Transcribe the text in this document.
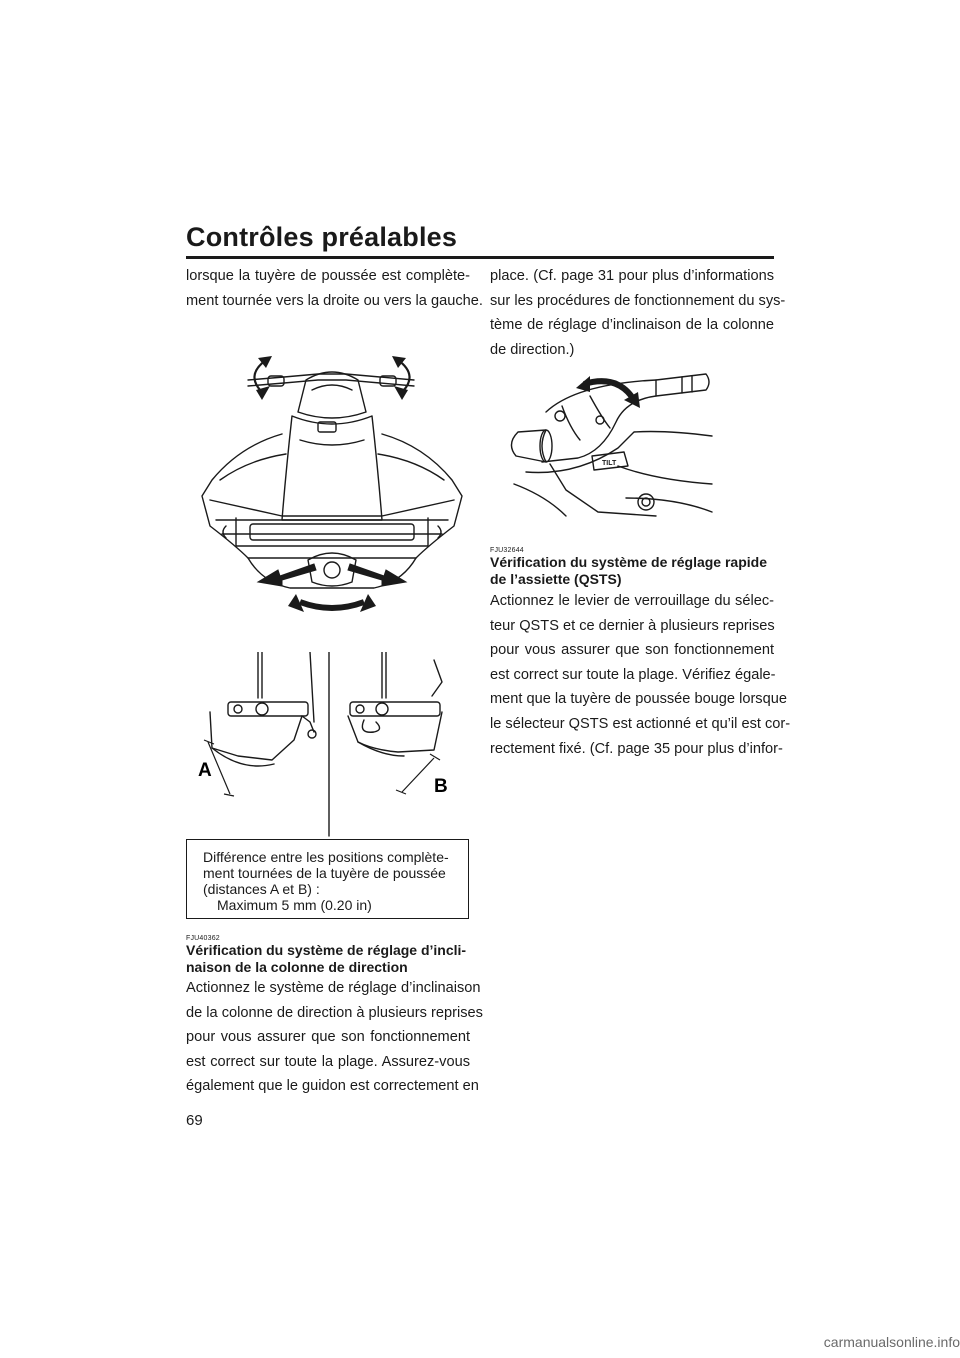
Contrôles préalables
lorsque la tuyère de poussée est complète-
ment tournée vers la droite ou vers la gauche.
A
B
Différence entre les positions complète-
ment tournées de la tuyère de poussée
(distances A et B) :
Maximum 5 mm (0.20 in)
FJU40362
Vérification du système de réglage d’incli-
naison de la colonne de direction
Actionnez le système de réglage d’inclinaison
de la colonne de direction à plusieurs reprises
pour vous assurer que son fonctionnement
est correct sur toute la plage. Assurez-vous
également que le guidon est correctement en
place. (Cf. page 31 pour plus d’informations
sur les procédures de fonctionnement du sys-
tème de réglage d’inclinaison de la colonne
de direction.)
TILT
FJU32644
Vérification du système de réglage rapide
de l’assiette (QSTS)
Actionnez le levier de verrouillage du sélec-
teur QSTS et ce dernier à plusieurs reprises
pour vous assurer que son fonctionnement
est correct sur toute la plage. Vérifiez égale-
ment que la tuyère de poussée bouge lorsque
le sélecteur QSTS est actionné et qu’il est cor-
rectement fixé. (Cf. page 35 pour plus d’infor-
69
carmanualsonline.info
